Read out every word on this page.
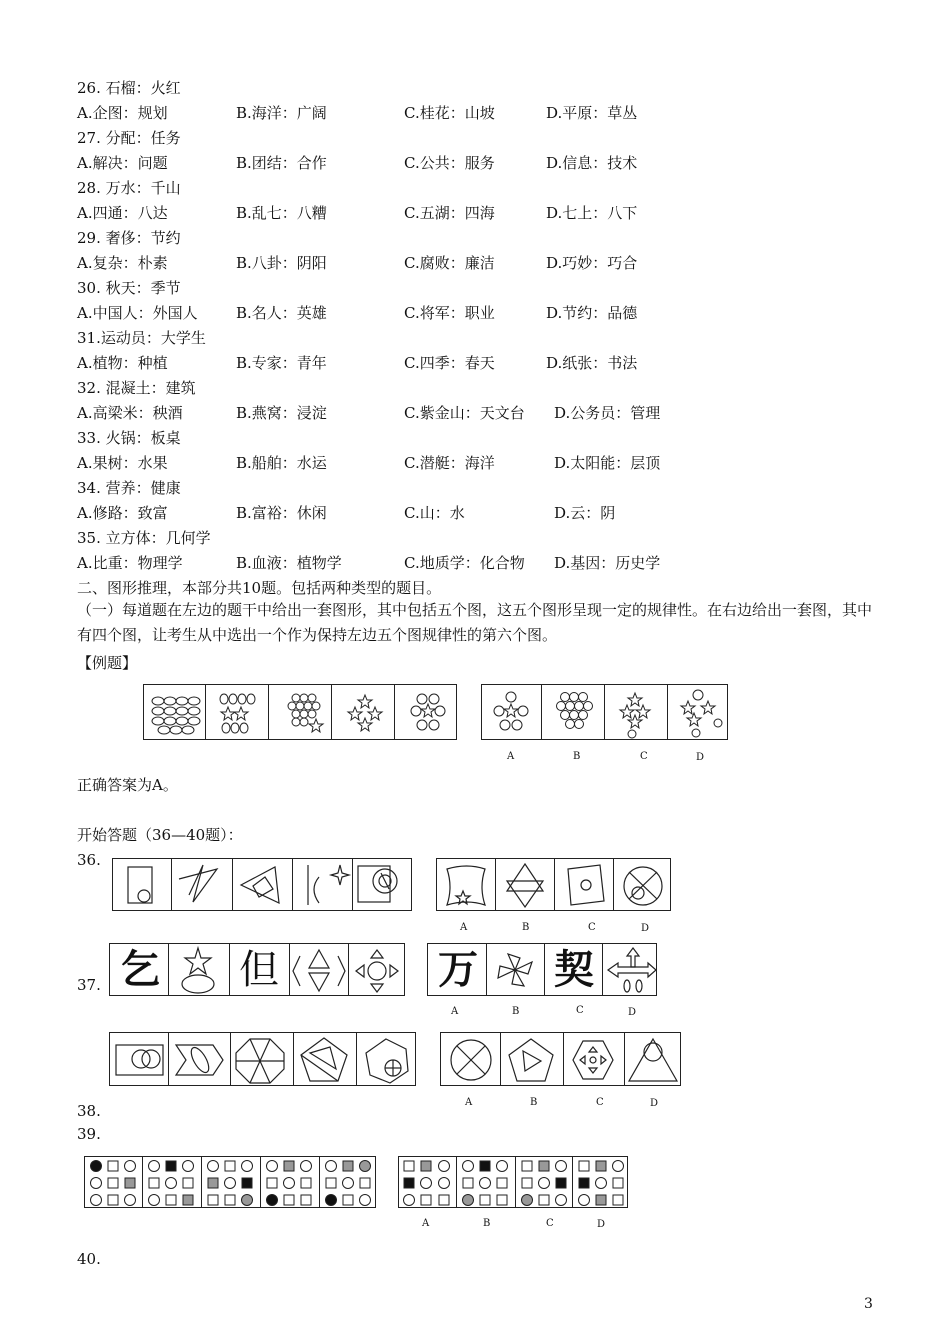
26. 石榴：火红
A.企图：规划	B.海洋：广阔	C.桂花：山坡	D.平原：草丛
27. 分配：任务
A.解决：问题	B.团结：合作	C.公共：服务	D.信息：技术
28. 万水：千山
A.四通：八达	B.乱七：八糟	C.五湖：四海	D.七上：八下
29. 奢侈：节约
A.复杂：朴素	B.八卦：阴阳	C.腐败：廉洁	D.巧妙：巧合
30. 秋天：季节
A.中国人：外国人	B.名人：英雄	C.将军：职业	D.节约：品德
31.运动员：大学生
A.植物：种植	B.专家：青年	C.四季：春天	D.纸张：书法
32. 混凝土：建筑
A.高梁米：秧酒	B.燕窝：浸淀	C.紫金山：天文台 D.公务员：管理
33. 火锅：板桌
A.果树：水果	B.船舶：水运	C.潜艇：海洋	D.太阳能：层顶
34. 营养：健康
A.修路：致富	B.富裕：休闲	C.山：水	D.云：阴
35. 立方体：几何学
A.比重：物理学	B.血液：植物学	C.地质学：化合物 D.基因：历史学
二、图形推理，本部分共10题。包括两种类型的题目。
（一）每道题在左边的题干中给出一套图形，其中包括五个图，这五个图形呈现一定的规律性。在右边给出一套图，其中有四个图，让考生从中选出一个作为保持左边五个图规律性的第六个图。
【例题】
A	B	C	D
正确答案为A。
开始答题（36—40题）：
36.
A	B	C	D
37. 乞 但	万 契
A	B	C	D
A	B	C	D
38.
39.
A	B	C	D
40.
3
